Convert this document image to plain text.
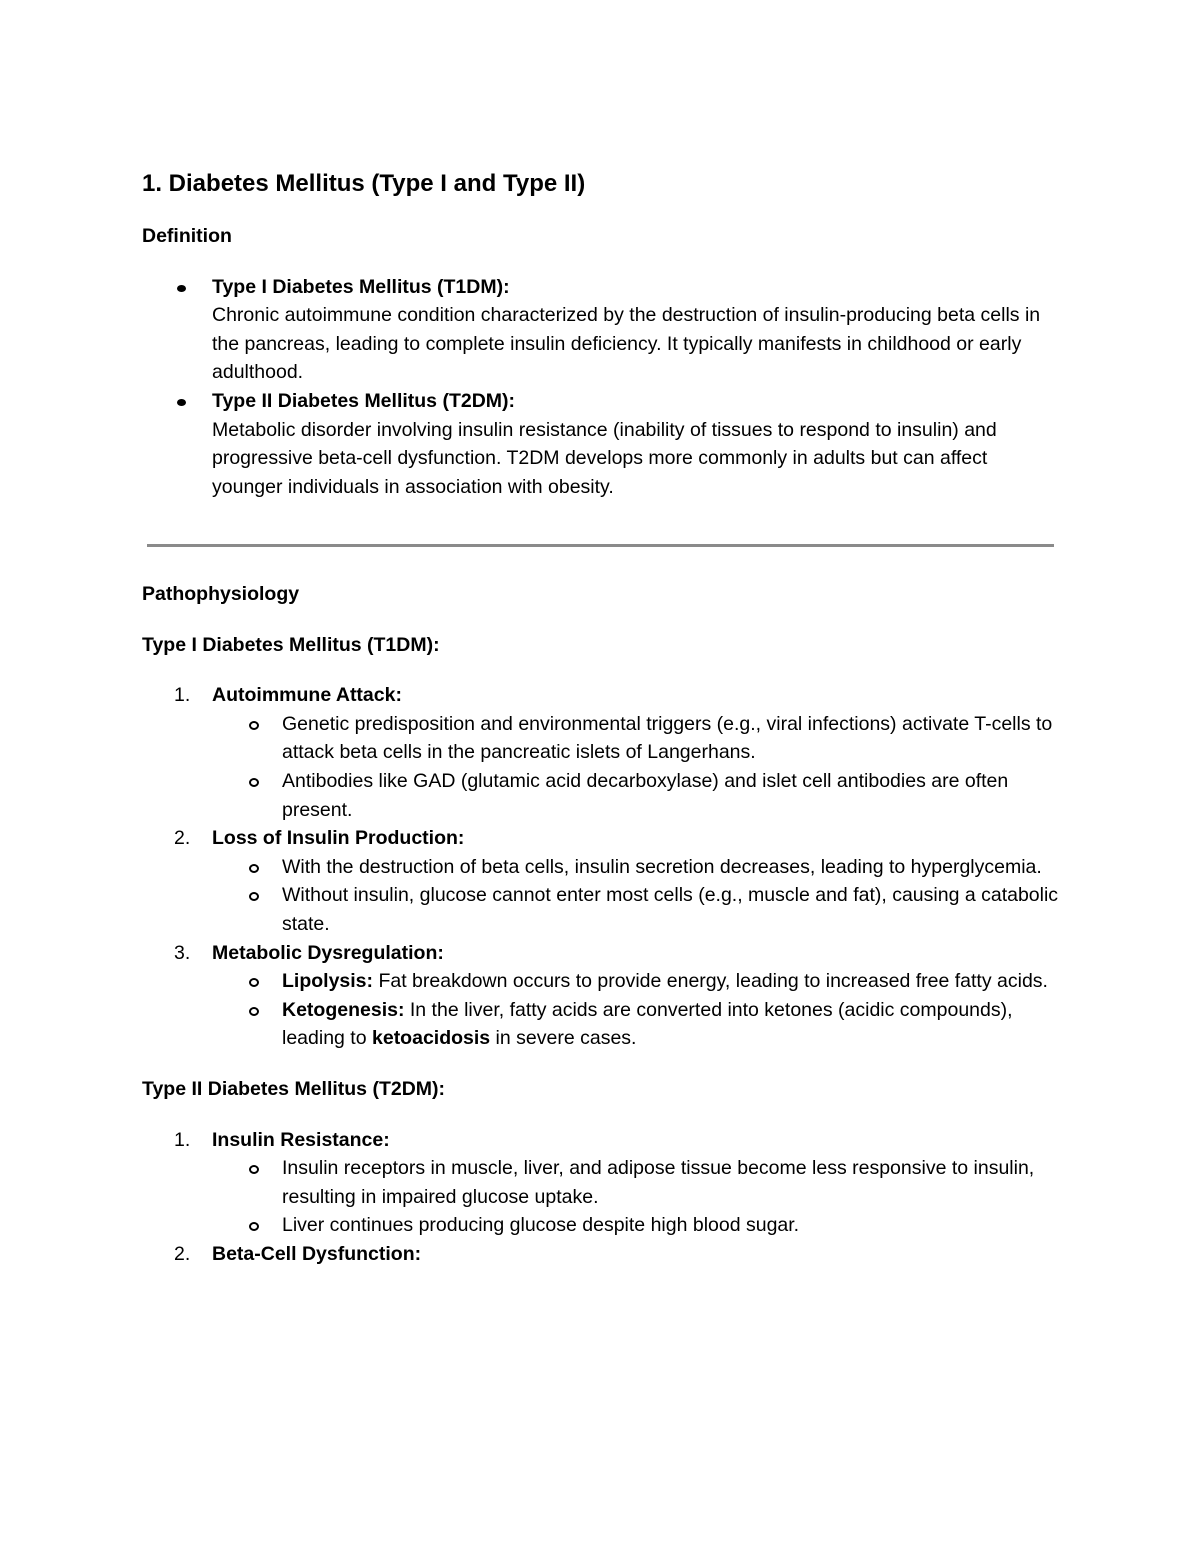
1. Diabetes Mellitus (Type I and Type II)
Definition
Type I Diabetes Mellitus (T1DM):
Chronic autoimmune condition characterized by the destruction of insulin-producing beta cells in the pancreas, leading to complete insulin deficiency. It typically manifests in childhood or early adulthood.
Type II Diabetes Mellitus (T2DM):
Metabolic disorder involving insulin resistance (inability of tissues to respond to insulin) and progressive beta-cell dysfunction. T2DM develops more commonly in adults but can affect younger individuals in association with obesity.
Pathophysiology
Type I Diabetes Mellitus (T1DM):
1. Autoimmune Attack:
Genetic predisposition and environmental triggers (e.g., viral infections) activate T-cells to attack beta cells in the pancreatic islets of Langerhans.
Antibodies like GAD (glutamic acid decarboxylase) and islet cell antibodies are often present.
2. Loss of Insulin Production:
With the destruction of beta cells, insulin secretion decreases, leading to hyperglycemia.
Without insulin, glucose cannot enter most cells (e.g., muscle and fat), causing a catabolic state.
3. Metabolic Dysregulation:
Lipolysis: Fat breakdown occurs to provide energy, leading to increased free fatty acids.
Ketogenesis: In the liver, fatty acids are converted into ketones (acidic compounds), leading to ketoacidosis in severe cases.
Type II Diabetes Mellitus (T2DM):
1. Insulin Resistance:
Insulin receptors in muscle, liver, and adipose tissue become less responsive to insulin, resulting in impaired glucose uptake.
Liver continues producing glucose despite high blood sugar.
2. Beta-Cell Dysfunction:
